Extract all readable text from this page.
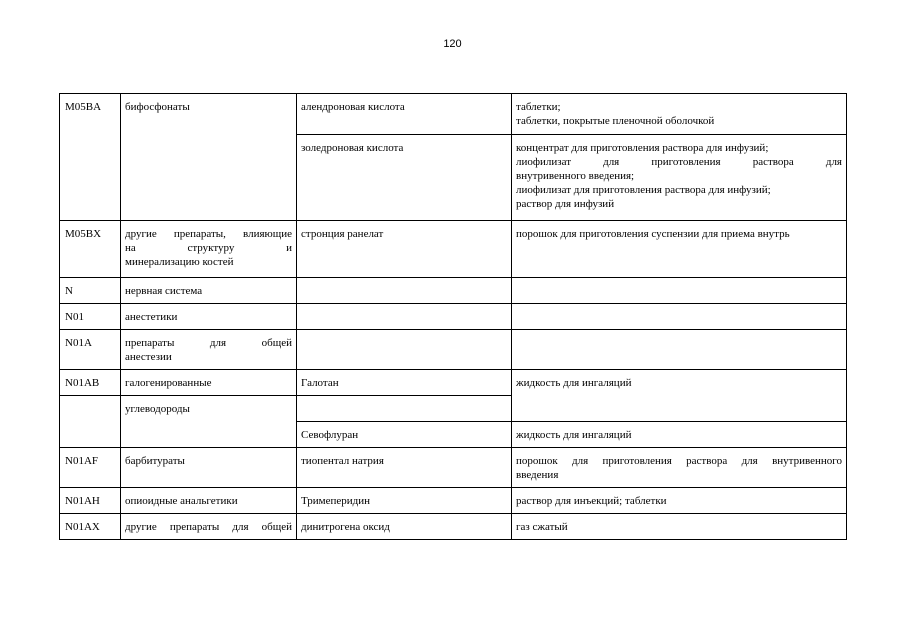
120
M05BA	бифосфонаты	алендроновая кислота	таблетки;
таблетки, покрытые пленочной оболочкой

		золедроновая кислота	концентрат для приготовления раствора для инфузий;
лиофилизат для приготовления раствора для
внутривенного введения;
лиофилизат для приготовления раствора для инфузий;
раствор для инфузий

M05BX	другие препараты, влияющие
на структуру и
минерализацию костей	стронция ранелат	порошок для приготовления суспензии для приема внутрь
N	нервная система		
N01	анестетики		
N01A	препараты для общей
анестезии		

N01AB	галогенированные	Галотан	жидкость для ингаляций
	углеводороды		
		Севофлуран	жидкость для ингаляций
N01AF	барбитураты	тиопентал натрия	порошок для приготовления раствора для внутривенного
введения

N01AH	опиоидные анальгетики	Тримеперидин	раствор для инъекций; таблетки
N01AX	другие препараты для общей	динитрогена оксид	газ сжатый
